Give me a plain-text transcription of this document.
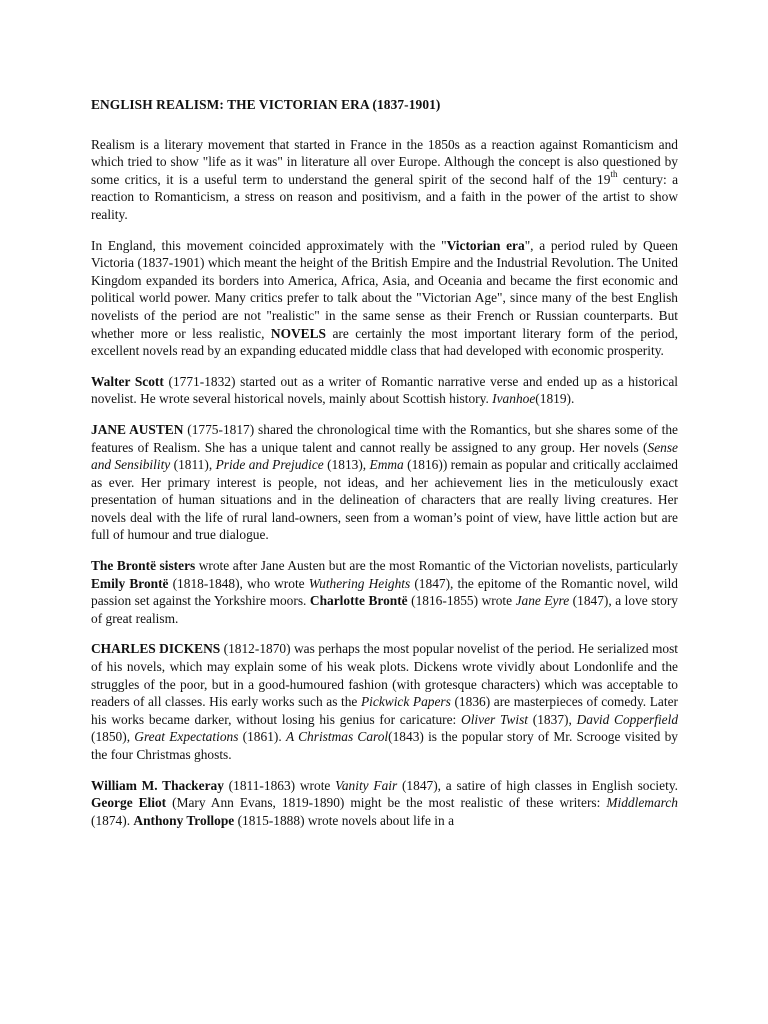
ENGLISH REALISM: THE VICTORIAN ERA (1837-1901)

Realism is a literary movement that started in France in the 1850s as a reaction against Romanticism and which tried to show "life as it was" in literature all over Europe. Although the concept is also questioned by some critics, it is a useful term to understand the general spirit of the second half of the 19th century: a reaction to Romanticism, a stress on reason and positivism, and a faith in the power of the artist to show reality.

In England, this movement coincided approximately with the "Victorian era", a period ruled by Queen Victoria (1837-1901) which meant the height of the British Empire and the Industrial Revolution. The United Kingdom expanded its borders into America, Africa, Asia, and Oceania and became the first economic and political world power. Many critics prefer to talk about the "Victorian Age", since many of the best English novelists of the period are not "realistic" in the same sense as their French or Russian counterparts. But whether more or less realistic, NOVELS are certainly the most important literary form of the period, excellent novels read by an expanding educated middle class that had developed with economic prosperity.

Walter Scott (1771-1832) started out as a writer of Romantic narrative verse and ended up as a historical novelist. He wrote several historical novels, mainly about Scottish history. Ivanhoe(1819).

JANE AUSTEN (1775-1817) shared the chronological time with the Romantics, but she shares some of the features of Realism. She has a unique talent and cannot really be assigned to any group. Her novels (Sense and Sensibility (1811), Pride and Prejudice (1813), Emma (1816)) remain as popular and critically acclaimed as ever. Her primary interest is people, not ideas, and her achievement lies in the meticulously exact presentation of human situations and in the delineation of characters that are really living creatures. Her novels deal with the life of rural land-owners, seen from a woman’s point of view, have little action but are full of humour and true dialogue.

The Brontë sisters wrote after Jane Austen but are the most Romantic of the Victorian novelists, particularly Emily Brontë (1818-1848), who wrote Wuthering Heights (1847), the epitome of the Romantic novel, wild passion set against the Yorkshire moors. Charlotte Brontë (1816-1855) wrote Jane Eyre (1847), a love story of great realism.

CHARLES DICKENS (1812-1870) was perhaps the most popular novelist of the period. He serialized most of his novels, which may explain some of his weak plots. Dickens wrote vividly about Londonlife and the struggles of the poor, but in a good-humoured fashion (with grotesque characters) which was acceptable to readers of all classes. His early works such as the Pickwick Papers (1836) are masterpieces of comedy. Later his works became darker, without losing his genius for caricature: Oliver Twist (1837), David Copperfield (1850), Great Expectations (1861). A Christmas Carol(1843) is the popular story of Mr. Scrooge visited by the four Christmas ghosts.

William M. Thackeray (1811-1863) wrote Vanity Fair (1847), a satire of high classes in English society. George Eliot (Mary Ann Evans, 1819-1890) might be the most realistic of these writers: Middlemarch (1874). Anthony Trollope (1815-1888) wrote novels about life in a
